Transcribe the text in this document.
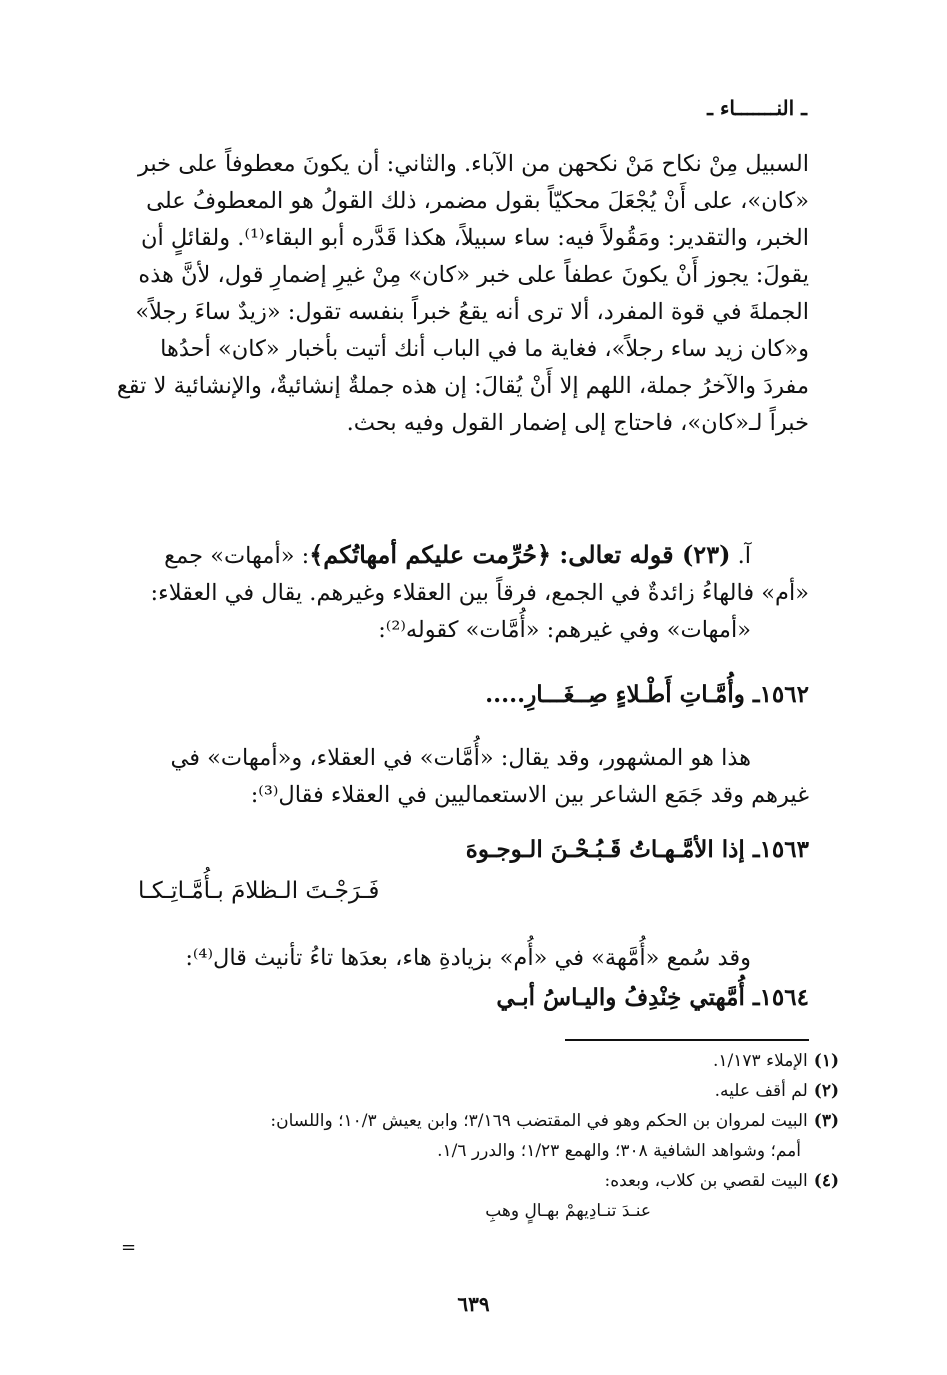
ـ النـــــــاء ـ
السبيل مِنْ نكاح مَنْ نكحهن من الآباء. والثاني: أن يكونَ معطوفاً على خبر
«كان»، على أَنْ يُجْعَلَ محكيّاً بقول مضمر، ذلك القولُ هو المعطوفُ على
الخبر، والتقدير: ومَقُولاً فيه: ساء سبيلاً، هكذا قَدَّره أبو البقاء⁽¹⁾. ولقائلٍ أن
يقولَ: يجوز أَنْ يكونَ عطفاً على خبر «كان» مِنْ غيرِ إضمارِ قول، لأنَّ هذه
الجملةَ في قوة المفرد، ألا ترى أنه يقعُ خبراً بنفسه تقول: «زيدٌ ساءَ رجلاً»
و«كان زيد ساء رجلاً»، فغاية ما في الباب أنك أتيت بأخبار «كان» أحدُها
مفردَ والآخرُ جملة، اللهم إلا أَنْ يُقالَ: إن هذه جملةٌ إنشائيةٌ، والإنشائية لا تقع
خبراً لـ«كان»، فاحتاج إلى إضمار القول وفيه بحث.
آ. (٢٣) قوله تعالى: ﴿حُرِّمت عليكم أمهاتُكم﴾: «أمهات» جمع
«أم» فالهاءُ زائدةٌ في الجمع، فرقاً بين العقلاء وغيرهم. يقال في العقلاء:
«أمهات» وفي غيرهم: «أُمَّات» كقوله⁽²⁾:
١٥٦٢ـ وأُمَّـاتِ أَطْـلاءٍ صِــغَـــارِ.....
هذا هو المشهور، وقد يقال: «أُمَّات» في العقلاء، و«أمهات» في
غيرهم وقد جَمَع الشاعر بين الاستعماليين في العقلاء فقال⁽³⁾:
١٥٦٣ـ إذا الأمَّـهـاتُ قَـبُـحْـنَ الـوجـوهَ
فَـرَجْـتَ الـظلامَ بـأُمَّـاتِـكـا
وقد سُمع «أُمَّهة» في «أُم» بزيادةِ هاء، بعدَها تاءُ تأنيث قال⁽⁴⁾:
١٥٦٤ـ أُمَّهتي خِنْدِفُ واليـاسُ أبـي
(١)الإملاء ١/١٧٣.
(٢)لم أقف عليه.
(٣)البيت لمروان بن الحكم وهو في المقتضب ٣/١٦٩؛ وابن يعيش ١٠/٣؛ واللسان:
أمم؛ وشواهد الشافية ٣٠٨؛ والهمع ١/٢٣؛ والدرر ١/٦.
(٤)البيت لقصي بن كلاب، وبعده:
عنـدَ تنـادِيهمْ بهـالٍ وهبِ
=
٦٣٩
